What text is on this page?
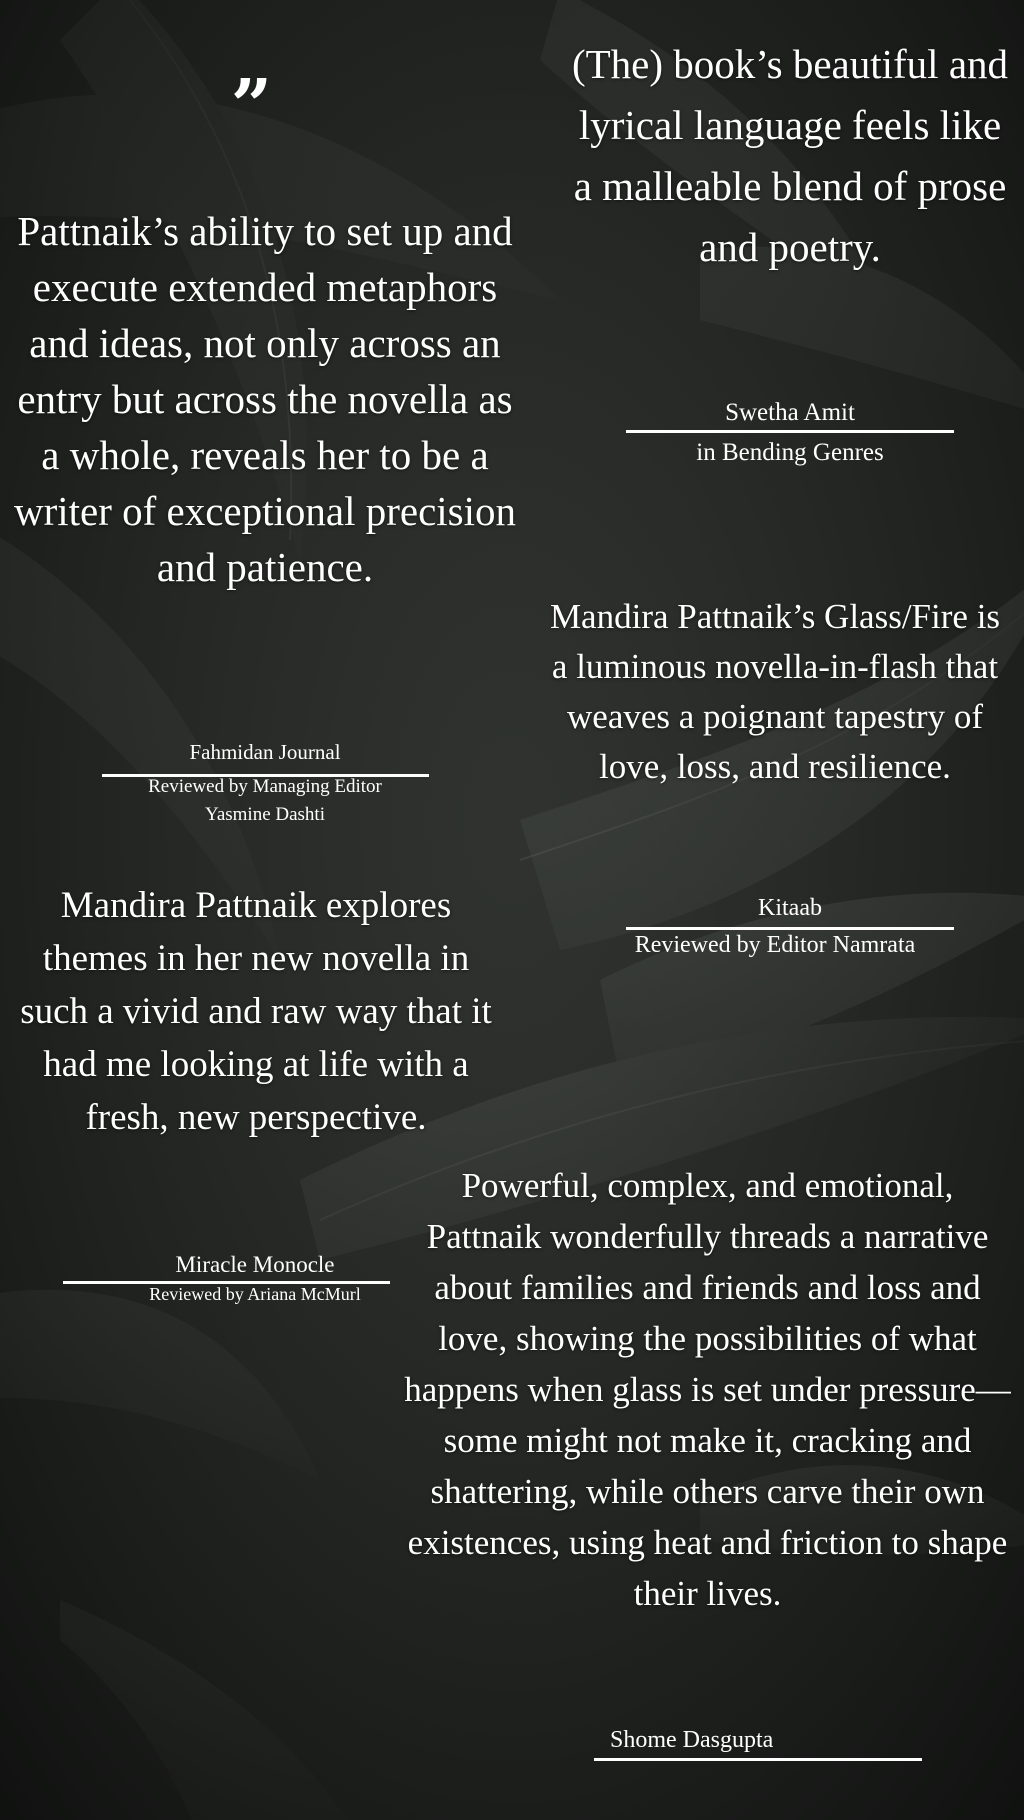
“

Pattnaik’s ability to set up and execute extended metaphors and ideas, not only across an entry but across the novella as a whole, reveals her to be a writer of exceptional precision and patience.

Fahmidan Journal
Reviewed by Managing Editor Yasmine Dashti

(The) book’s beautiful and lyrical language feels like a malleable blend of prose and poetry.

Swetha Amit
in Bending Genres

Mandira Pattnaik’s Glass/Fire is a luminous novella-in-flash that weaves a poignant tapestry of love, loss, and resilience.

Kitaab
Reviewed by Editor Namrata

Mandira Pattnaik explores themes in her new novella in such a vivid and raw way that it had me looking at life with a fresh, new perspective.

Miracle Monocle
Reviewed by Ariana McMurl

Powerful, complex, and emotional, Pattnaik wonderfully threads a narrative about families and friends and loss and love, showing the possibilities of what happens when glass is set under pressure—some might not make it, cracking and shattering, while others carve their own existences, using heat and friction to shape their lives.

Shome Dasgupta
